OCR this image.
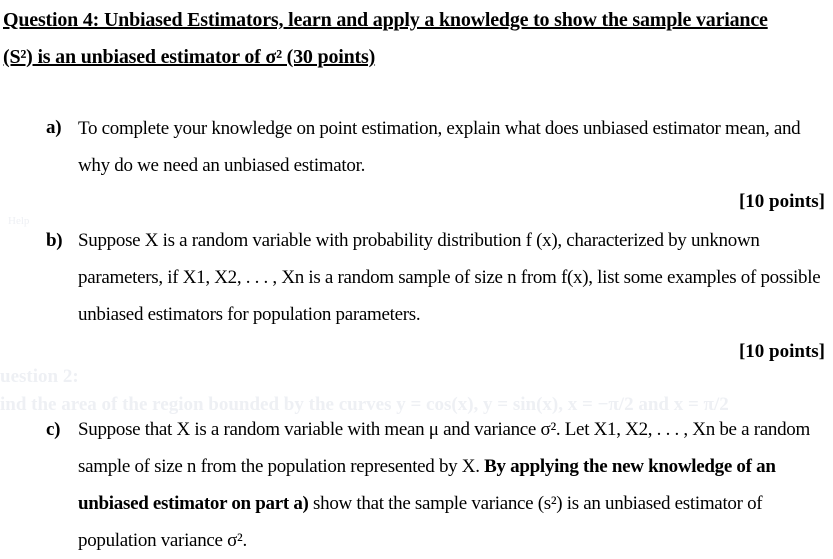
Help
uestion 2:
ind the area of the region bounded by the curves y = cos(x), y = sin(x), x = −π/2 and x = π/2
Question 4: Unbiased Estimators, learn and apply a knowledge to show the sample variance
(S²) is an unbiased estimator of σ² (30 points)
a) To complete your knowledge on point estimation, explain what does unbiased estimator mean, and why do we need an unbiased estimator.
[10 points]
b) Suppose X is a random variable with probability distribution f (x), characterized by unknown parameters, if X1, X2, . . . , Xn is a random sample of size n from f(x), list some examples of possible unbiased estimators for population parameters.
[10 points]
c) Suppose that X is a random variable with mean μ and variance σ². Let X1, X2, . . . , Xn be a random sample of size n from the population represented by X. By applying the new knowledge of an unbiased estimator on part a) show that the sample variance (s²) is an unbiased estimator of population variance σ².
